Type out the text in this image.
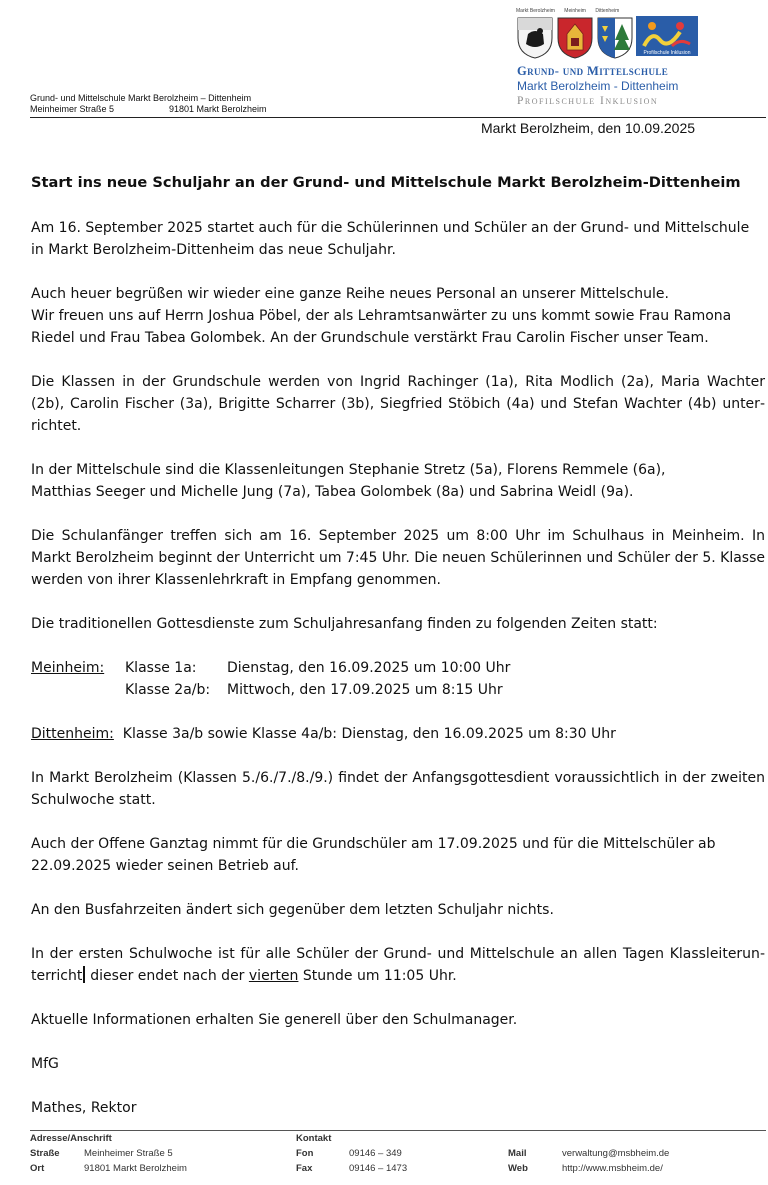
Grund- und Mittelschule Markt Berolzheim – Dittenheim
Meinheimer Straße 5	91801 Markt Berolzheim
Markt Berolzheim Meinheim Dittenheim
Profilschule Inklusion
Grund- und Mittelschule
Markt Berolzheim - Dittenheim
Profilschule Inklusion
Markt Berolzheim, den 10.09.2025

Start ins neue Schuljahr an der Grund- und Mittelschule Markt Berolzheim-Dittenheim

Am 16. September 2025 startet auch für die Schülerinnen und Schüler an der Grund- und Mittelschule in Markt Berolzheim-Dittenheim das neue Schuljahr.

Auch heuer begrüßen wir wieder eine ganze Reihe neues Personal an unserer Mittelschule.
Wir freuen uns auf Herrn Joshua Pöbel, der als Lehramtsanwärter zu uns kommt sowie Frau Ramona Riedel und Frau Tabea Golombek. An der Grundschule verstärkt Frau Carolin Fischer unser Team.

Die Klassen in der Grundschule werden von Ingrid Rachinger (1a), Rita Modlich (2a), Maria Wachter (2b), Carolin Fischer (3a), Brigitte Scharrer (3b), Siegfried Stöbich (4a) und Stefan Wachter (4b) unterrichtet.

In der Mittelschule sind die Klassenleitungen Stephanie Stretz (5a), Florens Remmele (6a),
Matthias Seeger und Michelle Jung (7a), Tabea Golombek (8a) und Sabrina Weidl (9a).

Die Schulanfänger treffen sich am 16. September 2025 um 8:00 Uhr im Schulhaus in Meinheim. In Markt Berolzheim beginnt der Unterricht um 7:45 Uhr. Die neuen Schülerinnen und Schüler der 5. Klasse werden von ihrer Klassenlehrkraft in Empfang genommen.

Die traditionellen Gottesdienste zum Schuljahresanfang finden zu folgenden Zeiten statt:

Meinheim: Klasse 1a: Dienstag, den 16.09.2025 um 10:00 Uhr
Klasse 2a/b: Mittwoch, den 17.09.2025 um 8:15 Uhr

Dittenheim: Klasse 3a/b sowie Klasse 4a/b: Dienstag, den 16.09.2025 um 8:30 Uhr

In Markt Berolzheim (Klassen 5./6./7./8./9.) findet der Anfangsgottesdient voraussichtlich in der zweiten Schulwoche statt.

Auch der Offene Ganztag nimmt für die Grundschüler am 17.09.2025 und für die Mittelschüler ab 22.09.2025 wieder seinen Betrieb auf.

An den Busfahrzeiten ändert sich gegenüber dem letzten Schuljahr nichts.

In der ersten Schulwoche ist für alle Schüler der Grund- und Mittelschule an allen Tagen Klassleiterunterricht dieser endet nach der vierten Stunde um 11:05 Uhr.

Aktuelle Informationen erhalten Sie generell über den Schulmanager.

MfG

Mathes, Rektor

Adresse/Anschrift
Straße	Meinheimer Straße 5
Ort	91801 Markt Berolzheim
Kontakt
Fon	09146 – 349
Fax	09146 – 1473
Mail	verwaltung@msbheim.de
Web	http://www.msbheim.de/
